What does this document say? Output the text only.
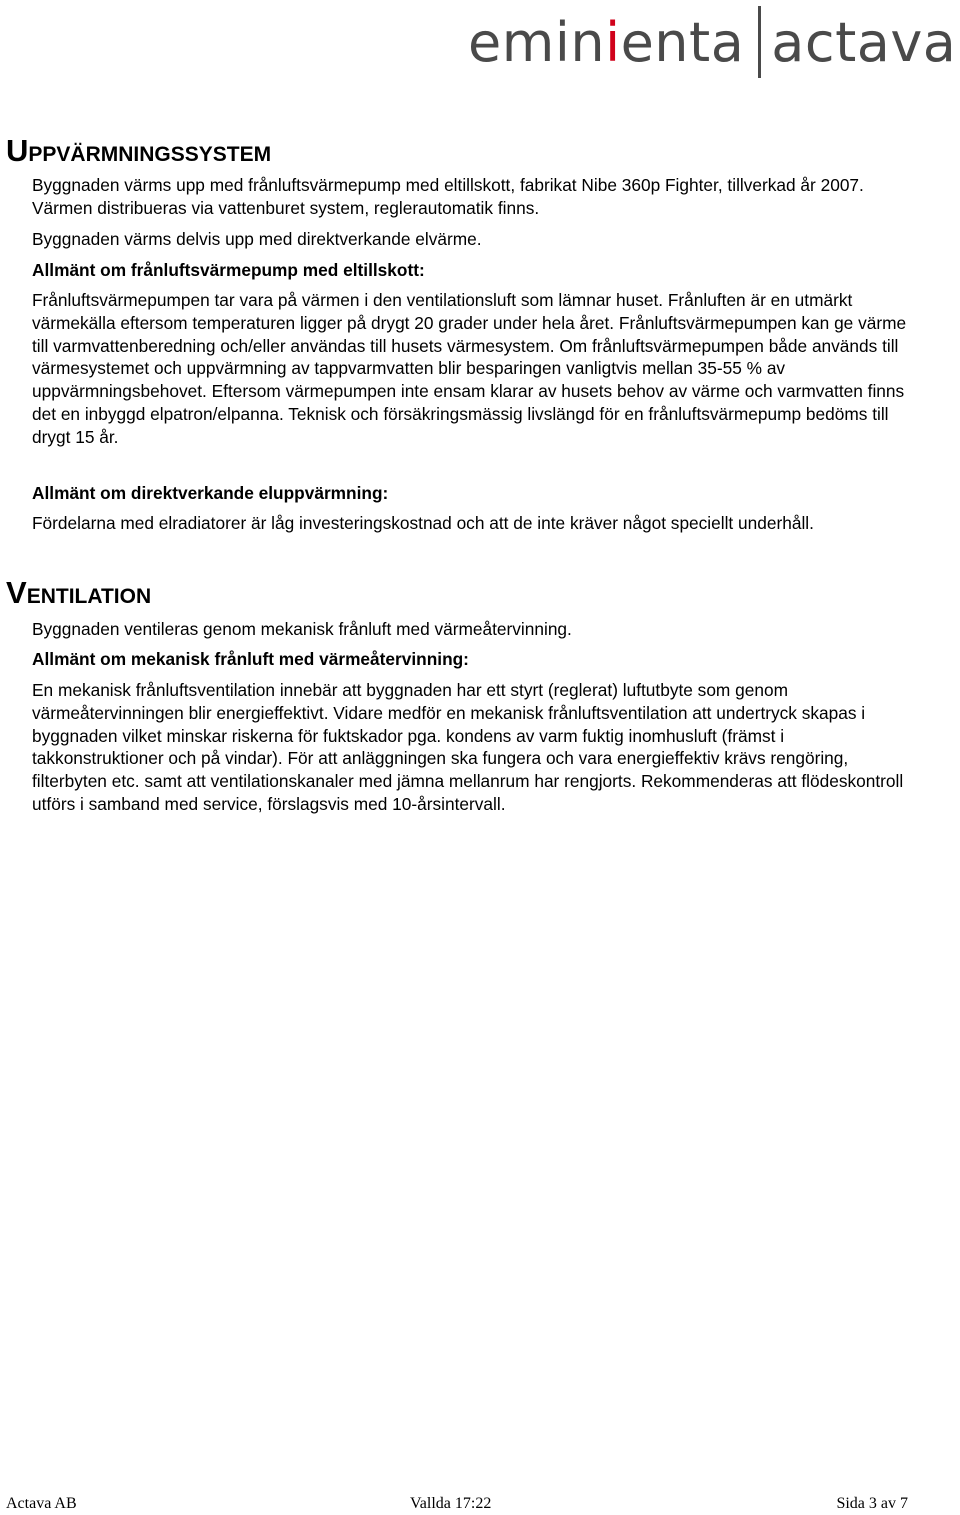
eminienta actava
UPPVÄRMNINGSSYSTEM

Byggnaden värms upp med frånluftsvärmepump med eltillskott, fabrikat Nibe 360p Fighter, tillverkad år 2007. Värmen distribueras via vattenburet system, reglerautomatik finns.

Byggnaden värms delvis upp med direktverkande elvärme.

Allmänt om frånluftsvärmepump med eltillskott:

Frånluftsvärmepumpen tar vara på värmen i den ventilationsluft som lämnar huset. Frånluften är en utmärkt värmekälla eftersom temperaturen ligger på drygt 20 grader under hela året. Frånluftsvärmepumpen kan ge värme till varmvattenberedning och/eller användas till husets värmesystem. Om frånluftsvärmepumpen både används till värmesystemet och uppvärmning av tappvarmvatten blir besparingen vanligtvis mellan 35-55 % av uppvärmningsbehovet. Eftersom värmepumpen inte ensam klarar av husets behov av värme och varmvatten finns det en inbyggd elpatron/elpanna. Teknisk och försäkringsmässig livslängd för en frånluftsvärmepump bedöms till drygt 15 år.

Allmänt om direktverkande eluppvärmning:

Fördelarna med elradiatorer är låg investeringskostnad och att de inte kräver något speciellt underhåll.

VENTILATION

Byggnaden ventileras genom mekanisk frånluft med värmeåtervinning.

Allmänt om mekanisk frånluft med värmeåtervinning:

En mekanisk frånluftsventilation innebär att byggnaden har ett styrt (reglerat) luftutbyte som genom värmeåtervinningen blir energieffektivt. Vidare medför en mekanisk frånluftsventilation att undertryck skapas i byggnaden vilket minskar riskerna för fuktskador pga. kondens av varm fuktig inomhusluft (främst i takkonstruktioner och på vindar). För att anläggningen ska fungera och vara energieffektiv krävs rengöring, filterbyten etc. samt att ventilationskanaler med jämna mellanrum har rengjorts. Rekommenderas att flödeskontroll utförs i samband med service, förslagsvis med 10-årsintervall.

Actava AB	Vallda 17:22	Sida 3 av 7
